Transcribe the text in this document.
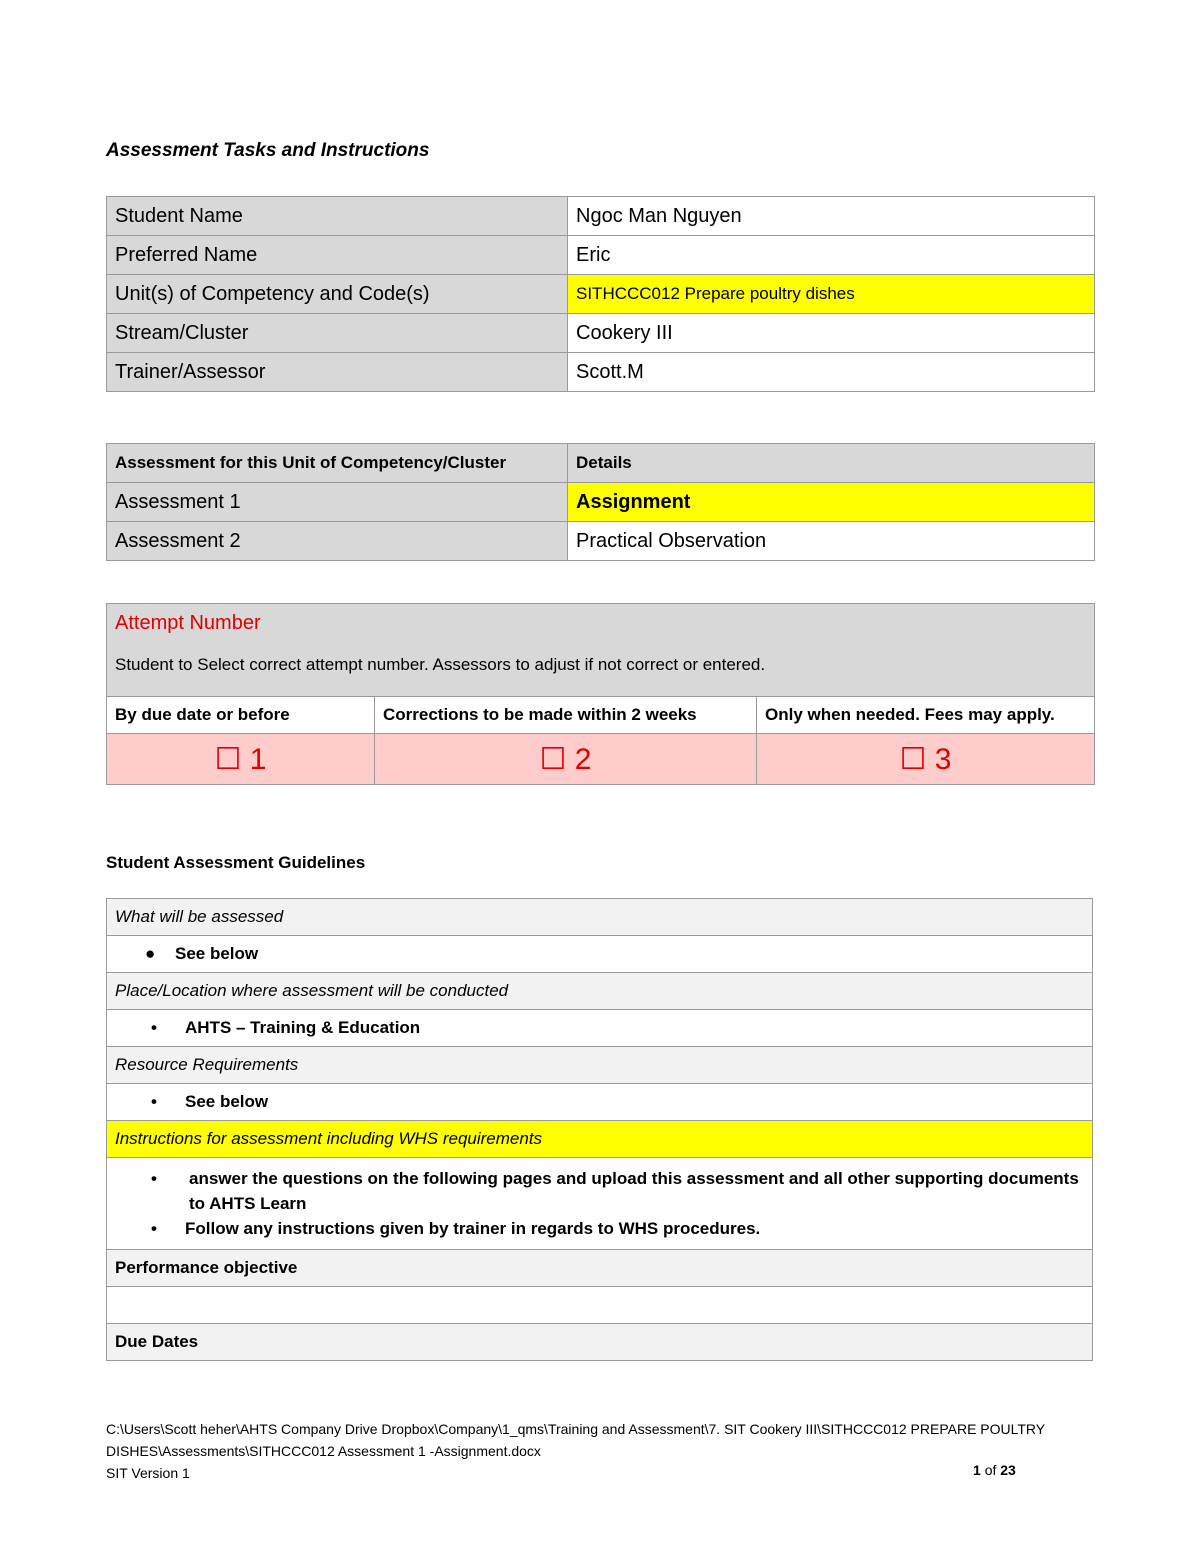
Assessment Tasks and Instructions
Student Name	Ngoc Man Nguyen
Preferred Name	Eric
Unit(s) of Competency and Code(s)	SITHCCC012 Prepare poultry dishes
Stream/Cluster	Cookery III
Trainer/Assessor	Scott.M
Assessment for this Unit of Competency/Cluster	Details
Assessment 1	Assignment
Assessment 2	Practical Observation
Attempt Number
Student to Select correct attempt number. Assessors to adjust if not correct or entered.		

By due date or before	Corrections to be made within 2 weeks	Only when needed. Fees may apply.
☐ 1	☐ 2	☐ 3
Student Assessment Guidelines
What will be assessed
● See below
Place/Location where assessment will be conducted
• AHTS – Training & Education
Resource Requirements
• See below
Instructions for assessment including WHS requirements

•	answer the questions on the following pages and upload this assessment and all other supporting documents to AHTS Learn
•	Follow any instructions given by trainer in regards to WHS procedures.

Performance objective

Due Dates
C:\Users\Scott heher\AHTS Company Drive Dropbox\Company\1_qms\Training and Assessment\7. SIT Cookery III\SITHCCC012 PREPARE POULTRY DISHES\Assessments\SITHCCC012 Assessment 1 -Assignment.docx
SIT Version 1	1 of 23
